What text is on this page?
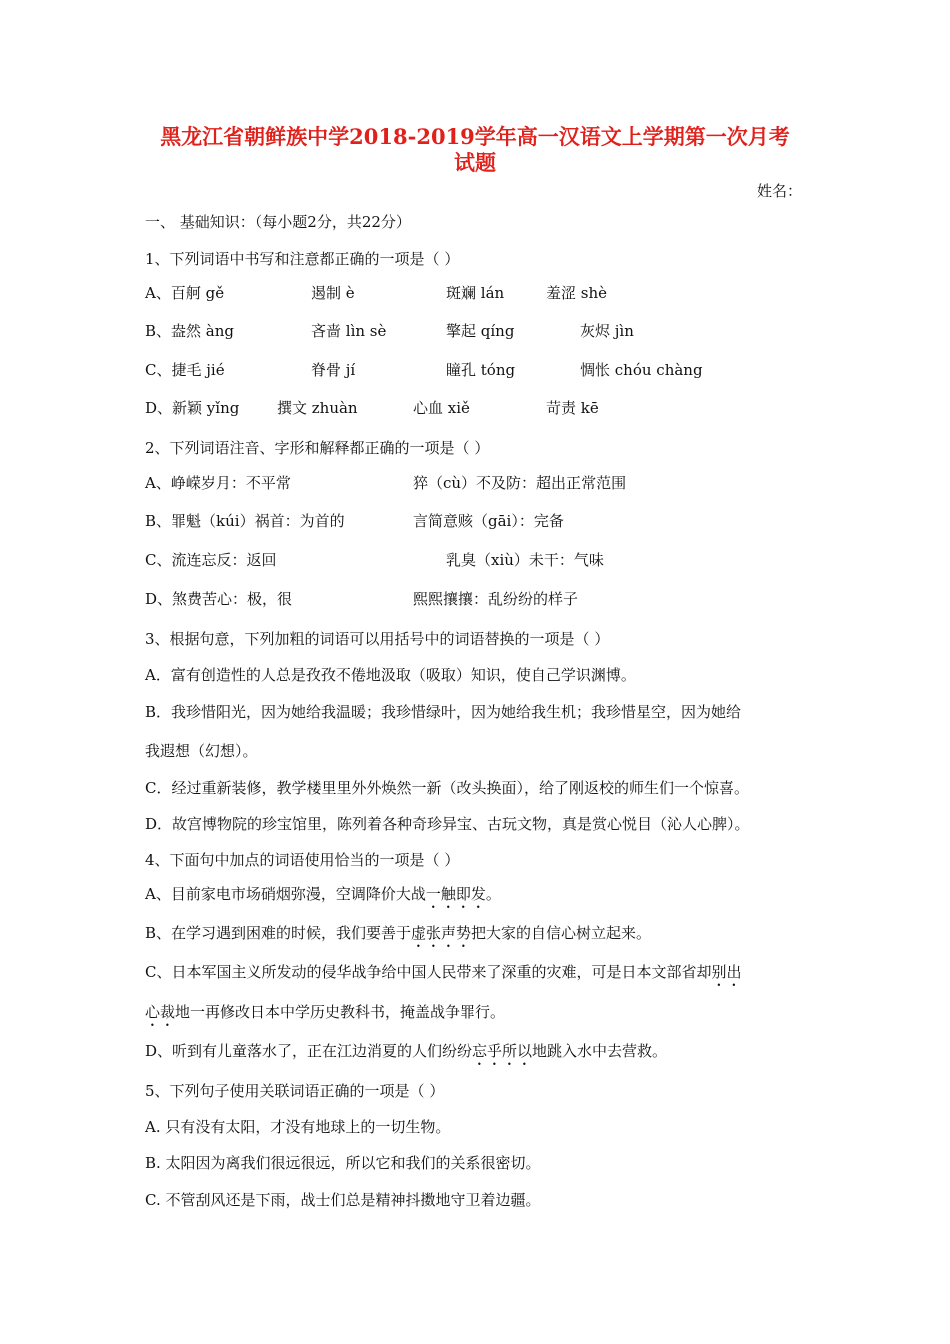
黑龙江省朝鲜族中学2018-2019学年高一汉语文上学期第一次月考
试题
姓名：
一、 基础知识：（每小题2分，共22分）
1、下列词语中书写和注意都正确的一项是（ ）
A、百舸 gě	遏制 è	斑斓 lán	羞涩 shè
B、盎然 àng	吝啬 lìn sè	擎起 qíng	灰烬 jìn
C、捷毛 jié	脊骨 jí	瞳孔 tóng	惆怅 chóu chàng
D、新颖 yǐng	撰文 zhuàn	心血 xiě	苛责 kē
2、下列词语注音、字形和解释都正确的一项是（ ）
A、峥嵘岁月：不平常	猝（cù）不及防：超出正常范围
B、罪魁（kúi）祸首：为首的	言简意赅（gāi）：完备
C、流连忘反：返回	乳臭（xiù）未干：气味
D、煞费苦心：极，很	熙熙攘攘：乱纷纷的样子
3、根据句意，下列加粗的词语可以用括号中的词语替换的一项是（ ）
A．富有创造性的人总是孜孜不倦地汲取（吸取）知识，使自己学识渊博。
B．我珍惜阳光，因为她给我温暖；我珍惜绿叶，因为她给我生机；我珍惜星空，因为她给
我遐想（幻想）。
C．经过重新装修，教学楼里里外外焕然一新（改头换面），给了刚返校的师生们一个惊喜。
D．故宫博物院的珍宝馆里，陈列着各种奇珍异宝、古玩文物，真是赏心悦目（沁人心脾）。
4、下面句中加点的词语使用恰当的一项是（ ）
A、目前家电市场硝烟弥漫，空调降价大战一触即发。
B、在学习遇到困难的时候，我们要善于虚张声势把大家的自信心树立起来。
C、日本军国主义所发动的侵华战争给中国人民带来了深重的灾难，可是日本文部省却别出
心裁地一再修改日本中学历史教科书，掩盖战争罪行。
D、听到有儿童落水了，正在江边消夏的人们纷纷忘乎所以地跳入水中去营救。
5、下列句子使用关联词语正确的一项是（ ）
A. 只有没有太阳，才没有地球上的一切生物。
B. 太阳因为离我们很远很远，所以它和我们的关系很密切。
C. 不管刮风还是下雨，战士们总是精神抖擞地守卫着边疆。
